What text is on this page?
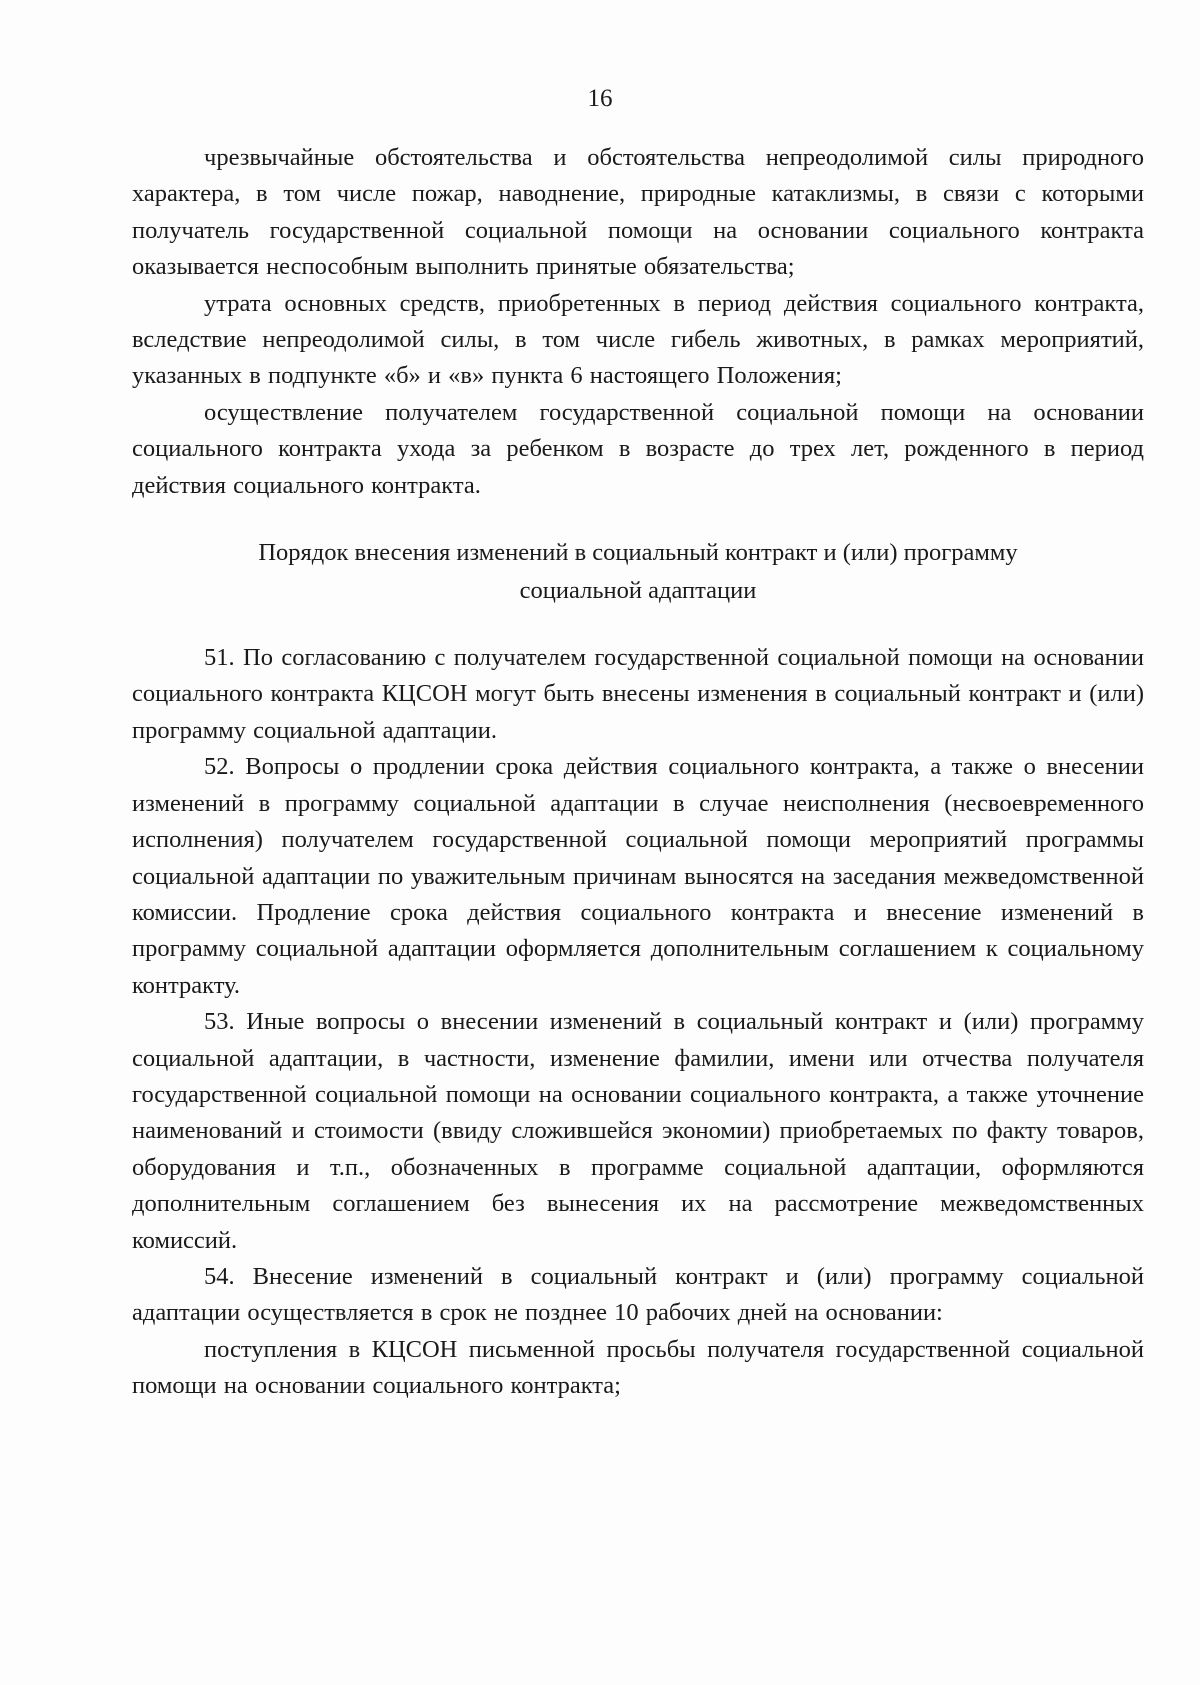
16

чрезвычайные обстоятельства и обстоятельства непреодолимой силы природного характера, в том числе пожар, наводнение, природные катаклизмы, в связи с которыми получатель государственной социальной помощи на основании социального контракта оказывается неспособным выполнить принятые обязательства;

утрата основных средств, приобретенных в период действия социального контракта, вследствие непреодолимой силы, в том числе гибель животных, в рамках мероприятий, указанных в подпункте «б» и «в» пункта 6 настоящего Положения;

осуществление получателем государственной социальной помощи на основании социального контракта ухода за ребенком в возрасте до трех лет, рожденного в период действия социального контракта.

Порядок внесения изменений в социальный контракт и (или) программу
социальной адаптации

51. По согласованию с получателем государственной социальной помощи на основании социального контракта КЦСОН могут быть внесены изменения в социальный контракт и (или) программу социальной адаптации.

52. Вопросы о продлении срока действия социального контракта, а также о внесении изменений в программу социальной адаптации в случае неисполнения (несвоевременного исполнения) получателем государственной социальной помощи мероприятий программы социальной адаптации по уважительным причинам выносятся на заседания межведомственной комиссии. Продление срока действия социального контракта и внесение изменений в программу социальной адаптации оформляется дополнительным соглашением к социальному контракту.

53. Иные вопросы о внесении изменений в социальный контракт и (или) программу социальной адаптации, в частности, изменение фамилии, имени или отчества получателя государственной социальной помощи на основании социального контракта, а также уточнение наименований и стоимости (ввиду сложившейся экономии) приобретаемых по факту товаров, оборудования и т.п., обозначенных в программе социальной адаптации, оформляются дополнительным соглашением без вынесения их на рассмотрение межведомственных комиссий.

54. Внесение изменений в социальный контракт и (или) программу социальной адаптации осуществляется в срок не позднее 10 рабочих дней на основании:

поступления в КЦСОН письменной просьбы получателя государственной социальной помощи на основании социального контракта;
